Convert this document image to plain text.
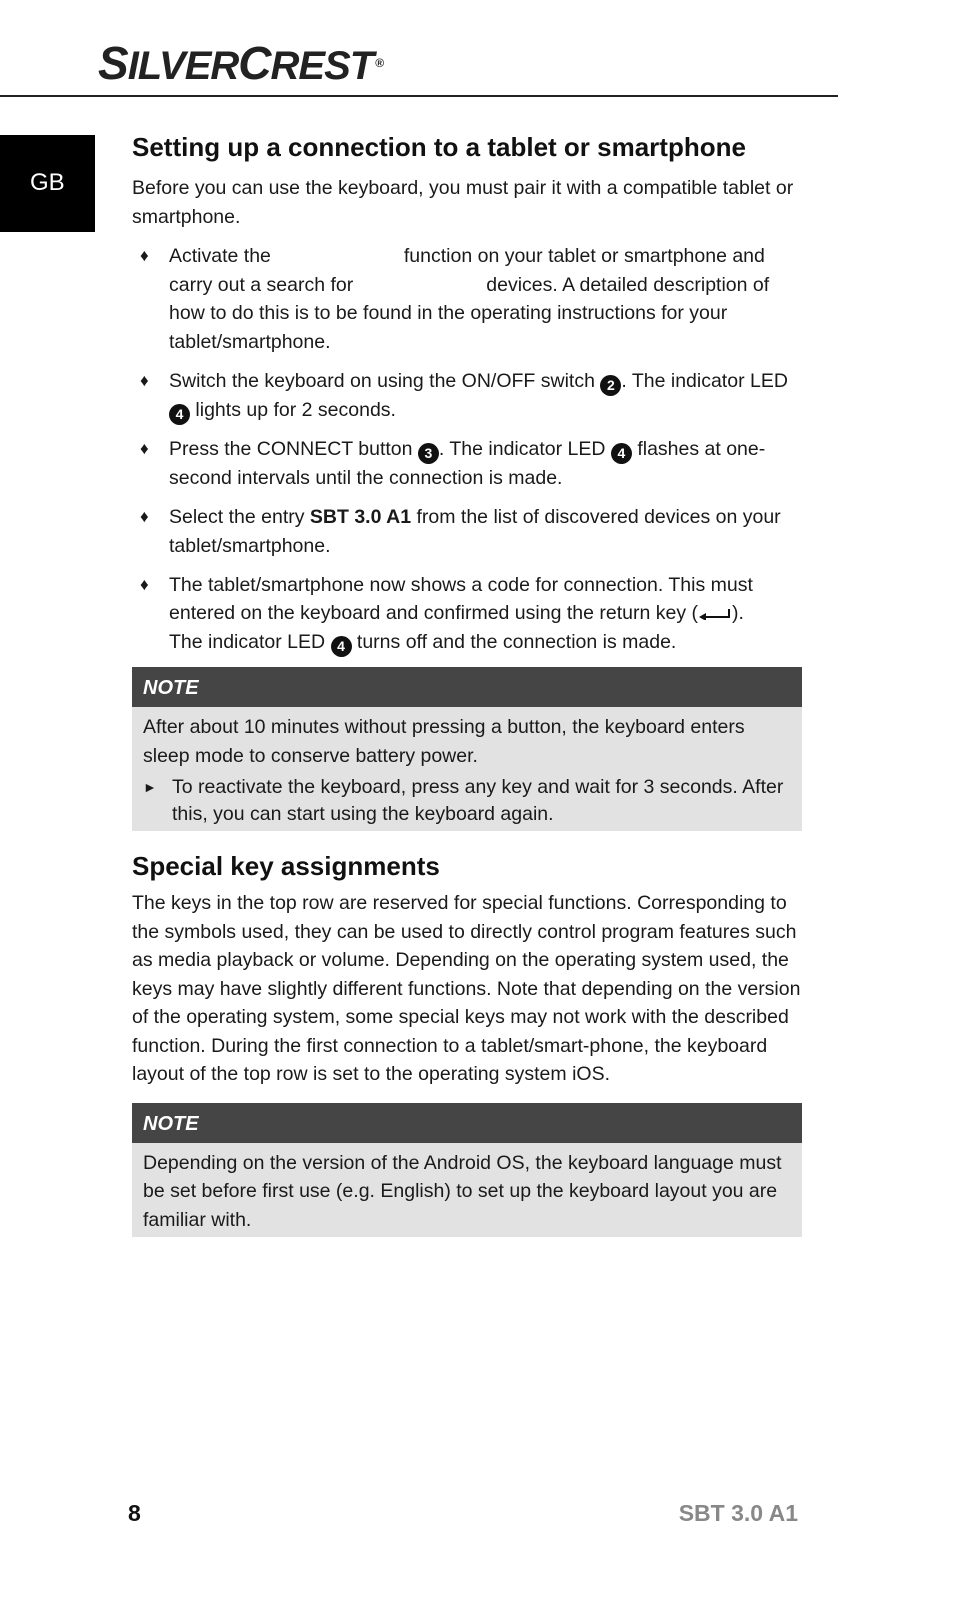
SILVERCREST ®
GB
Setting up a connection to a tablet or smartphone

Before you can use the keyboard, you must pair it with a compatible tablet or smartphone.

♦ Activate the	function on your tablet or smartphone and carry out a search for	devices. A detailed description of how to do this is to be found in the operating instructions for your tablet/smartphone.
♦ Switch the keyboard on using the ON/OFF switch 2 . The indicator LED 4 lights up for 2 seconds.
♦ Press the CONNECT button 3 . The indicator LED 4 flashes at one-second intervals until the connection is made.
♦ Select the entry SBT 3.0 A1 from the list of discovered devices on your tablet/smartphone.
♦ The tablet/smartphone now shows a code for connection. This must entered on the keyboard and confirmed using the return key ( ).
The indicator LED 4 turns off and the connection is made.
NOTE

After about 10 minutes without pressing a button, the keyboard enters sleep mode to conserve battery power.

► To reactivate the keyboard, press any key and wait for 3 seconds. After this, you can start using the keyboard again.
Special key assignments

The keys in the top row are reserved for special functions. Corresponding to the symbols used, they can be used to directly control program features such as media playback or volume. Depending on the operating system used, the keys may have slightly different functions. Note that depending on the version of the operating system, some special keys may not work with the described function. During the first connection to a tablet/smart-phone, the keyboard layout of the top row is set to the operating system iOS.

NOTE

Depending on the version of the Android OS, the keyboard language must be set before first use (e.g. English) to set up the keyboard layout you are familiar with.

8	SBT 3.0 A1
